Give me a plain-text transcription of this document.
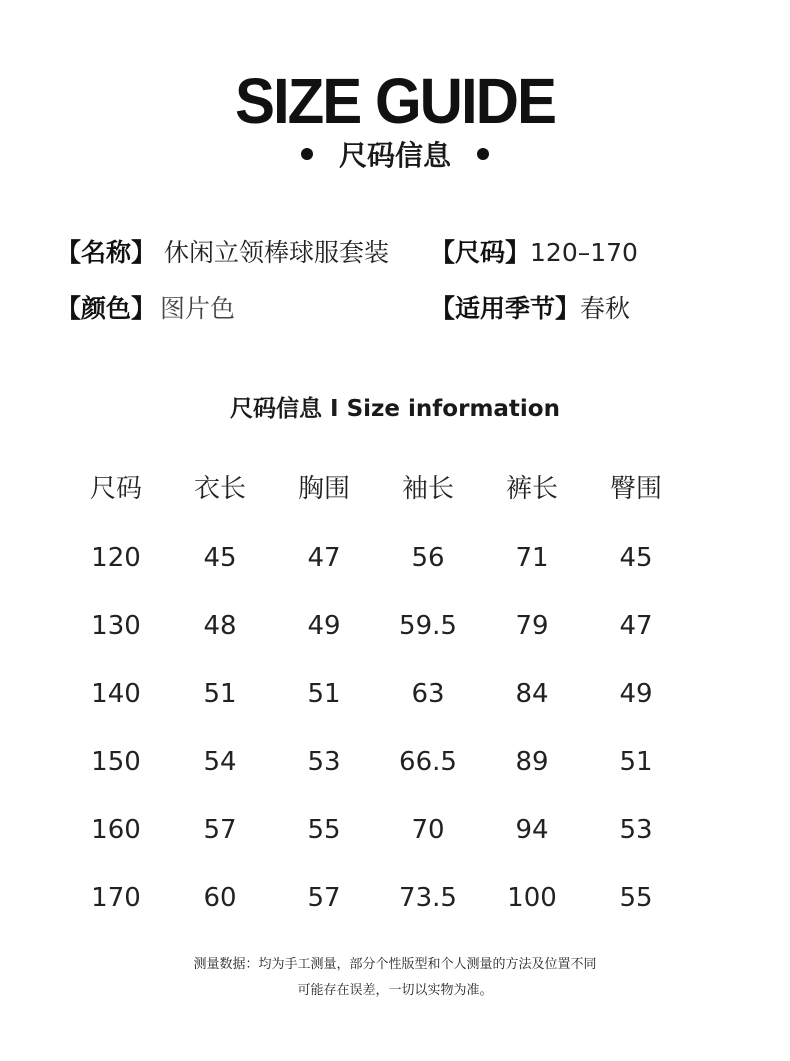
SIZE GUIDE
尺码信息
【名称】 休闲立领棒球服套装 【尺码】120–170
【颜色】 图片色	【适用季节】春秋
尺码信息 I Size information
尺码	衣长	胸围	袖长	裤长	臀围
120	45	47	56	71	45
130	48	49	59.5	79	47
140	51	51	63	84	49
150	54	53	66.5	89	51
160	57	55	70	94	53
170	60	57	73.5	100	55
测量数据：均为手工测量，部分个性版型和个人测量的方法及位置不同
可能存在误差，一切以实物为准。
